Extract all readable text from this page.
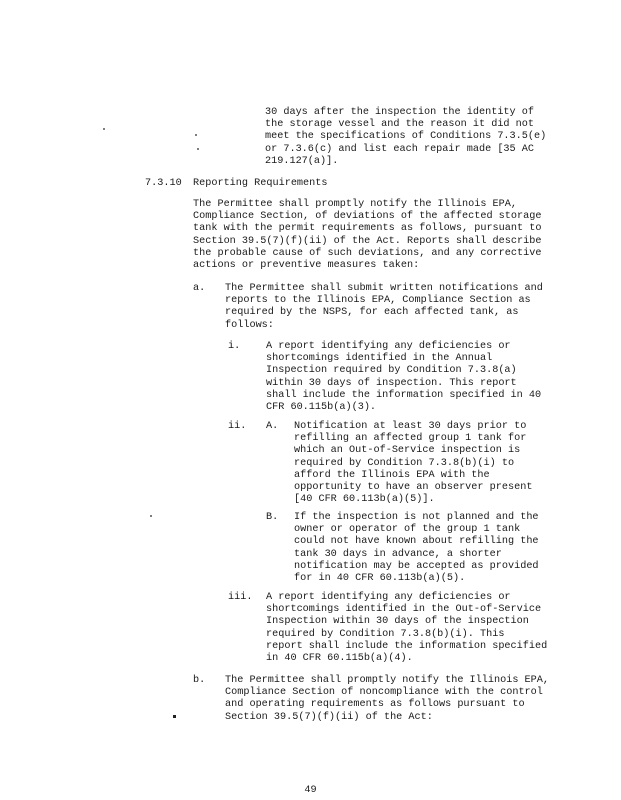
30 days after the inspection the identity of

the storage vessel and the reason it did not

meet the specifications of Conditions 7.3.5(e)

or 7.3.6(c) and list each repair made [35 AC

219.127(a)].

7.3.10 Reporting Requirements

The Permittee shall promptly notify the Illinois EPA,

Compliance Section, of deviations of the affected storage

tank with the permit requirements as follows, pursuant to

Section 39.5(7)(f)(ii) of the Act. Reports shall describe

the probable cause of such deviations, and any corrective

actions or preventive measures taken:

a. The Permittee shall submit written notifications and

reports to the Illinois EPA, Compliance Section as

required by the NSPS, for each affected tank, as

follows:

i.	A report identifying any deficiencies or

shortcomings identified in the Annual

Inspection required by Condition 7.3.8(a)

within 30 days of inspection. This report

shall include the information specified in 40

CFR 60.115b(a)(3).

ii. A. Notification at least 30 days prior to

refilling an affected group 1 tank for

which an Out-of-Service inspection is

required by Condition 7.3.8(b)(i) to

afford the Illinois EPA with the

opportunity to have an observer present

[40 CFR 60.113b(a)(5)].

B. If the inspection is not planned and the

owner or operator of the group 1 tank

could not have known about refilling the

tank 30 days in advance, a shorter

notification may be accepted as provided

for in 40 CFR 60.113b(a)(5).

iii. A report identifying any deficiencies or

shortcomings identified in the Out-of-Service

Inspection within 30 days of the inspection

required by Condition 7.3.8(b)(i). This

report shall include the information specified

in 40 CFR 60.115b(a)(4).

b. The Permittee shall promptly notify the Illinois EPA,

Compliance Section of noncompliance with the control

and operating requirements as follows pursuant to

Section 39.5(7)(f)(ii) of the Act:

49
